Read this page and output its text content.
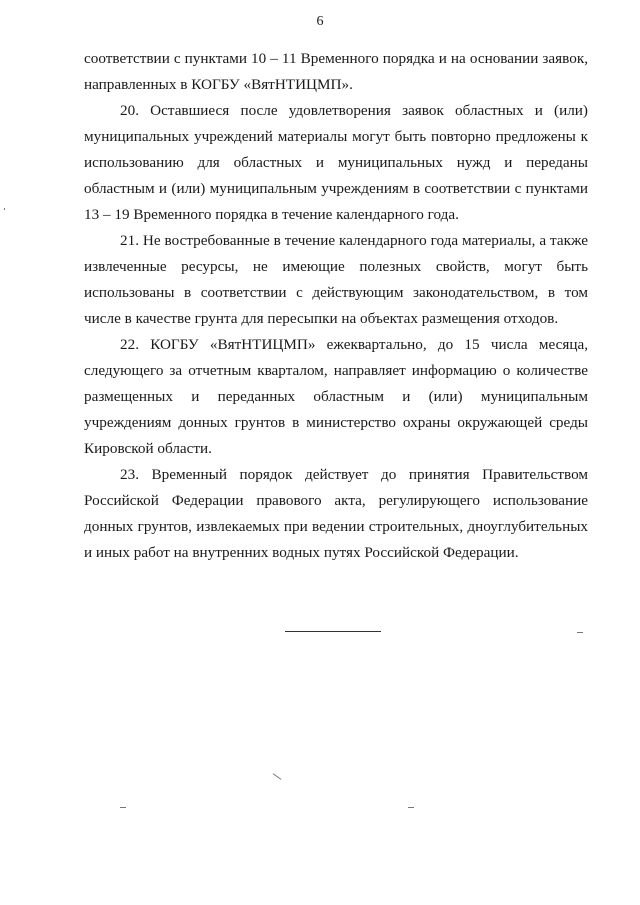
6

соответствии с пунктами 10 – 11 Временного порядка и на основании заявок, направленных в КОГБУ «ВятНТИЦМП».

20. Оставшиеся после удовлетворения заявок областных и (или) муниципальных учреждений материалы могут быть повторно предложены к использованию для областных и муниципальных нужд и переданы областным и (или) муниципальным учреждениям в соответствии с пунктами 13 – 19 Временного порядка в течение календарного года.

21. Не востребованные в течение календарного года материалы, а также извлеченные ресурсы, не имеющие полезных свойств, могут быть использованы в соответствии с действующим законодательством, в том числе в качестве грунта для пересыпки на объектах размещения отходов.

22. КОГБУ «ВятНТИЦМП» ежеквартально, до 15 числа месяца, следующего за отчетным кварталом, направляет информацию о количестве размещенных и переданных областным и (или) муниципальным учреждениям донных грунтов в министерство охраны окружающей среды Кировской области.

23. Временный порядок действует до принятия Правительством Российской Федерации правового акта, регулирующего использование донных грунтов, извлекаемых при ведении строительных, дноуглубительных и иных работ на внутренних водных путях Российской Федерации.
